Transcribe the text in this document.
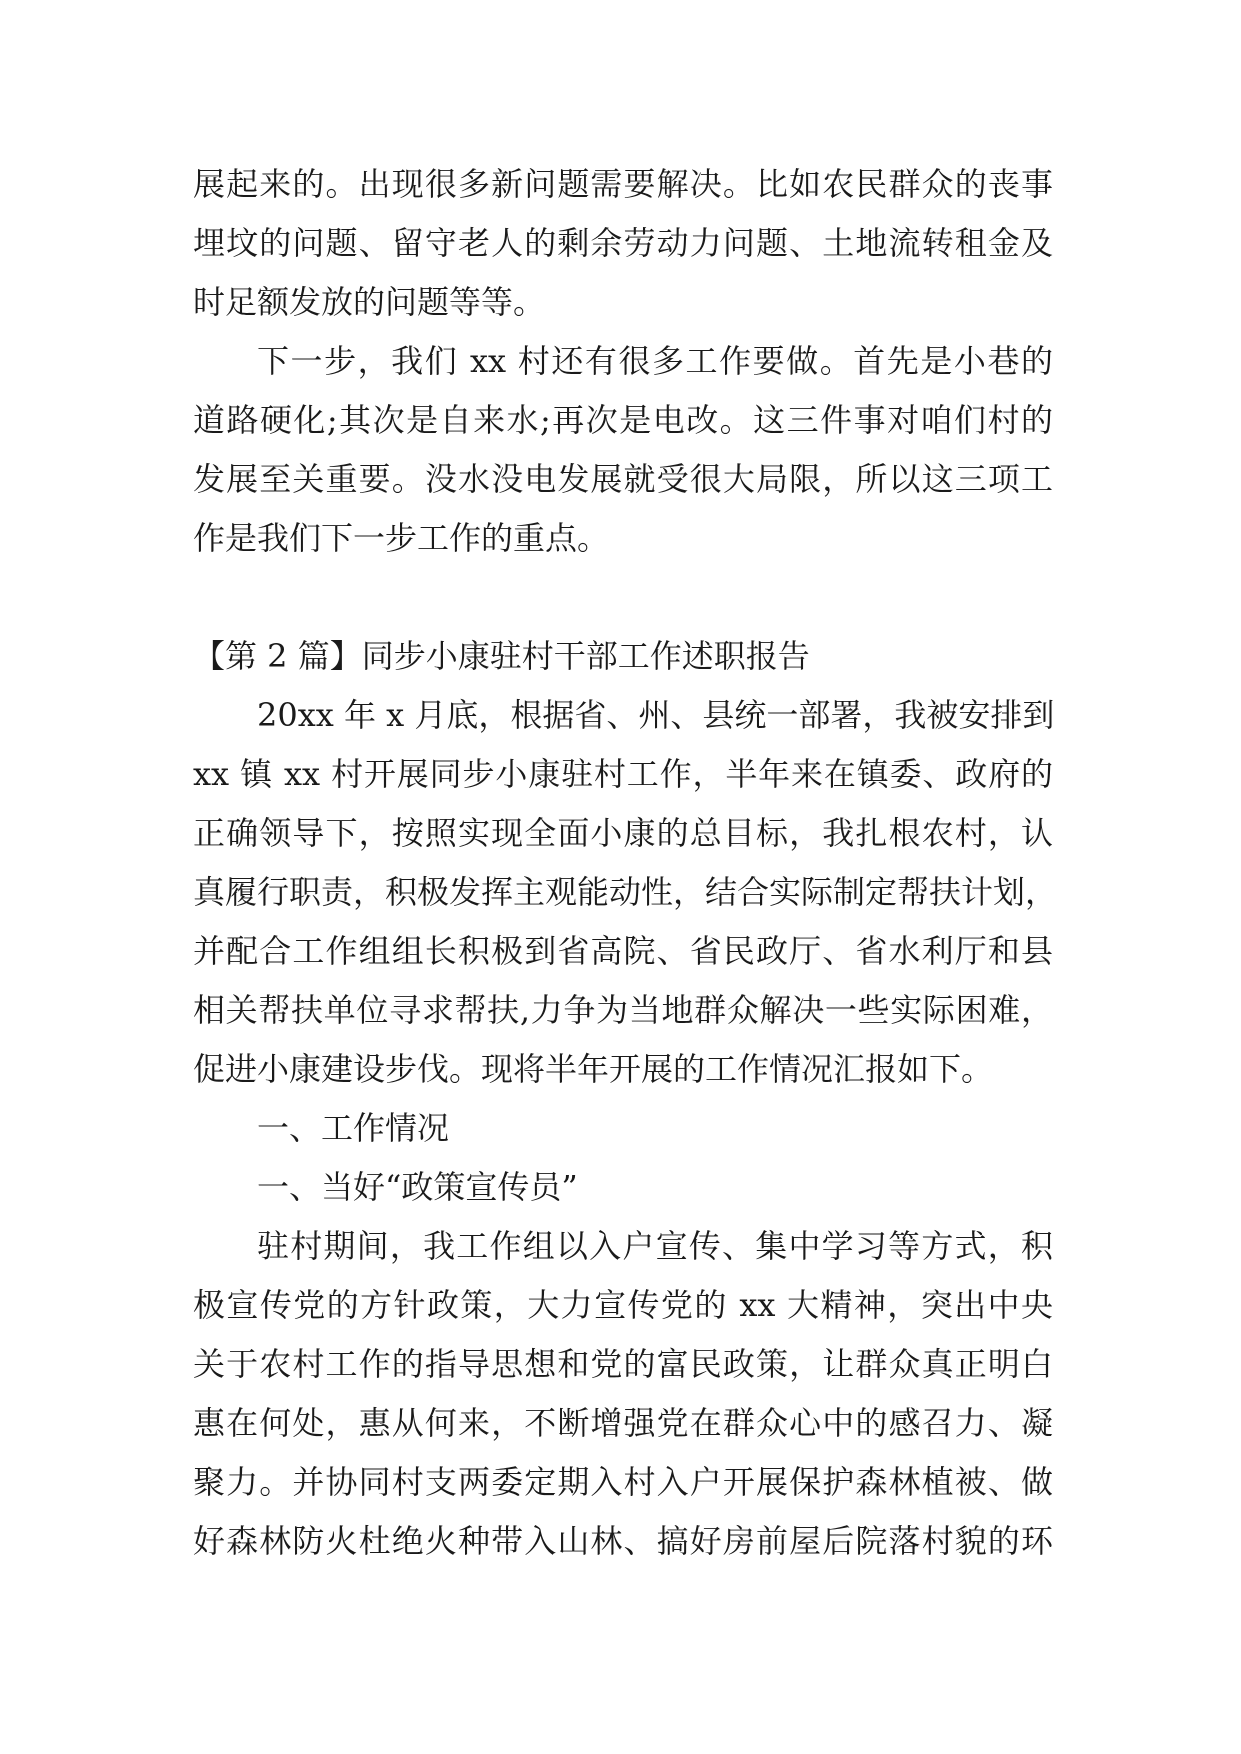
展起来的。出现很多新问题需要解决。比如农民群众的丧事
埋坟的问题、留守老人的剩余劳动力问题、土地流转租金及
时足额发放的问题等等。
下一步，我们 xx 村还有很多工作要做。首先是小巷的
道路硬化;其次是自来水;再次是电改。这三件事对咱们村的
发展至关重要。没水没电发展就受很大局限，所以这三项工
作是我们下一步工作的重点。
【第 2 篇】同步小康驻村干部工作述职报告
20xx 年 x 月底，根据省、州、县统一部署，我被安排到
xx 镇 xx 村开展同步小康驻村工作，半年来在镇委、政府的
正确领导下，按照实现全面小康的总目标，我扎根农村，认
真履行职责，积极发挥主观能动性，结合实际制定帮扶计划，
并配合工作组组长积极到省高院、省民政厅、省水利厅和县
相关帮扶单位寻求帮扶,力争为当地群众解决一些实际困难，
促进小康建设步伐。现将半年开展的工作情况汇报如下。
一、工作情况
一、当好“政策宣传员”
驻村期间，我工作组以入户宣传、集中学习等方式，积
极宣传党的方针政策，大力宣传党的 xx 大精神，突出中央
关于农村工作的指导思想和党的富民政策，让群众真正明白
惠在何处，惠从何来，不断增强党在群众心中的感召力、凝
聚力。并协同村支两委定期入村入户开展保护森林植被、做
好森林防火杜绝火种带入山林、搞好房前屋后院落村貌的环
